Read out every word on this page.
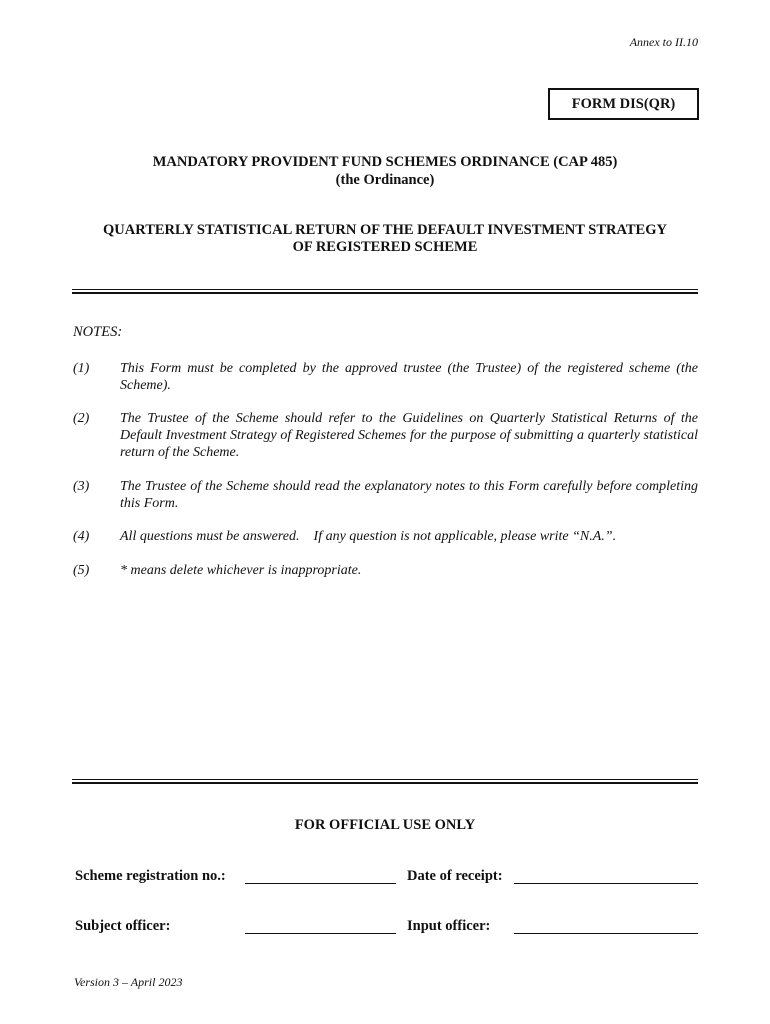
Annex to II.10
FORM DIS(QR)
MANDATORY PROVIDENT FUND SCHEMES ORDINANCE (CAP 485)
(the Ordinance)
QUARTERLY STATISTICAL RETURN OF THE DEFAULT INVESTMENT STRATEGY
OF REGISTERED SCHEME
NOTES:
(1)	This Form must be completed by the approved trustee (the Trustee) of the registered scheme (the Scheme).
(2)	The Trustee of the Scheme should refer to the Guidelines on Quarterly Statistical Returns of the Default Investment Strategy of Registered Schemes for the purpose of submitting a quarterly statistical return of the Scheme.
(3)	The Trustee of the Scheme should read the explanatory notes to this Form carefully before completing this Form.
(4)	All questions must be answered.    If any question is not applicable, please write “N.A.”.
(5)	* means delete whichever is inappropriate.
FOR OFFICIAL USE ONLY
Scheme registration no.:	Date of receipt:
Subject officer:	Input officer:
Version 3 – April 2023
